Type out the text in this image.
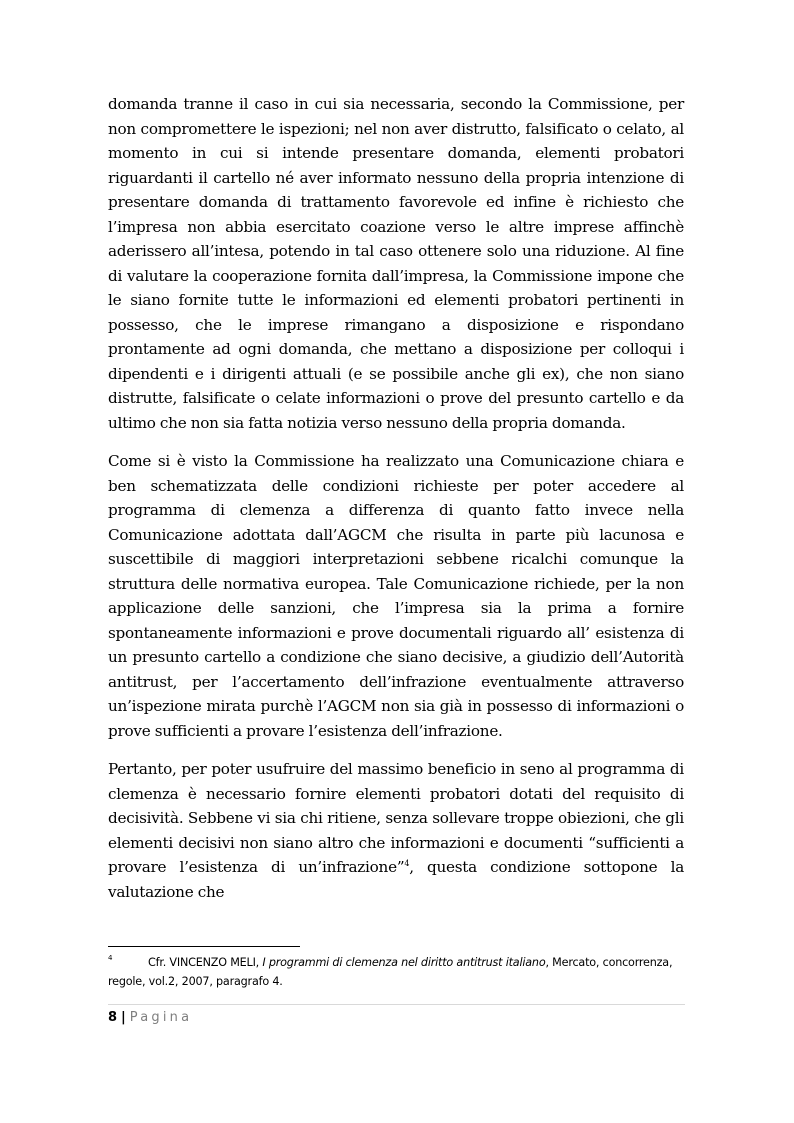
domanda tranne il caso in cui sia necessaria, secondo la Commissione, per non compromettere le ispezioni; nel non aver distrutto, falsificato o celato, al momento in cui si intende presentare domanda, elementi probatori riguardanti il cartello né aver informato nessuno della propria intenzione di presentare domanda di trattamento favorevole ed infine è richiesto che l’impresa non abbia esercitato coazione verso le altre imprese affinchè aderissero all’intesa, potendo in tal caso ottenere solo una riduzione. Al fine di valutare la cooperazione fornita dall’impresa, la Commissione impone che le siano fornite tutte le informazioni ed elementi probatori pertinenti in possesso, che le imprese rimangano a disposizione e rispondano prontamente ad ogni domanda, che mettano a disposizione per colloqui i dipendenti e i dirigenti attuali (e se possibile anche gli ex), che non siano distrutte, falsificate o celate informazioni o prove del presunto cartello e da ultimo che non sia fatta notizia verso nessuno della propria domanda.

Come si è visto la Commissione ha realizzato una Comunicazione chiara e ben schematizzata delle condizioni richieste per poter accedere al programma di clemenza a differenza di quanto fatto invece nella Comunicazione adottata dall’AGCM che risulta in parte più lacunosa e suscettibile di maggiori interpretazioni sebbene ricalchi comunque la struttura delle normativa europea. Tale Comunicazione richiede, per la non applicazione delle sanzioni, che l’impresa sia la prima a fornire spontaneamente informazioni e prove documentali riguardo all’ esistenza di un presunto cartello a condizione che siano decisive, a giudizio dell’Autorità antitrust, per l’accertamento dell’infrazione eventualmente attraverso un’ispezione mirata purchè l’AGCM non sia già in possesso di informazioni o prove sufficienti a provare l’esistenza dell’infrazione.

Pertanto, per poter usufruire del massimo beneficio in seno al programma di clemenza è necessario fornire elementi probatori dotati del requisito di decisività. Sebbene vi sia chi ritiene, senza sollevare troppe obiezioni, che gli elementi decisivi non siano altro che informazioni e documenti “sufficienti a provare l’esistenza di un’infrazione”$^4$, questa condizione sottopone la valutazione che

4	Cfr. VINCENZO MELI, I programmi di clemenza nel diritto antitrust italiano, Mercato, concorrenza, regole, vol.2, 2007, paragrafo 4.
8 | Pagina
